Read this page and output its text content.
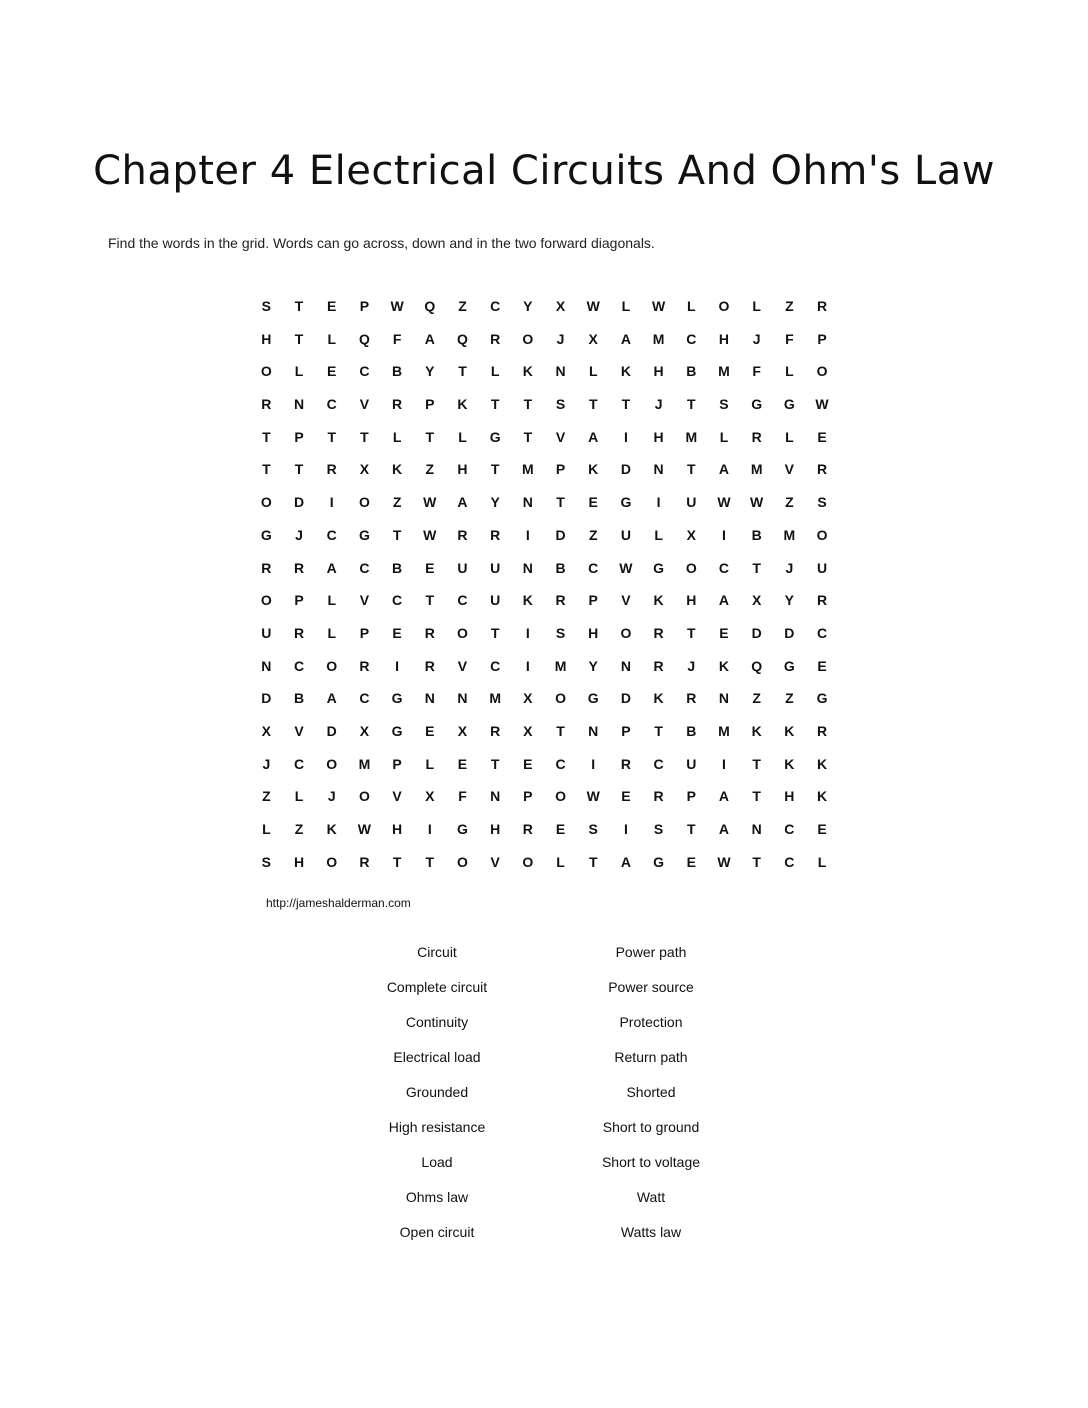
Chapter 4 Electrical Circuits And Ohm's Law
Find the words in the grid. Words can go across, down and in the two forward diagonals.
S	T	E	P	W	Q	Z	C	Y	X	W	L	W	L	O	L	Z	R
H	T	L	Q	F	A	Q	R	O	J	X	A	M	C	H	J	F	P
O	L	E	C	B	Y	T	L	K	N	L	K	H	B	M	F	L	O
R	N	C	V	R	P	K	T	T	S	T	T	J	T	S	G	G	W
T	P	T	T	L	T	L	G	T	V	A	I	H	M	L	R	L	E
T	T	R	X	K	Z	H	T	M	P	K	D	N	T	A	M	V	R
O	D	I	O	Z	W	A	Y	N	T	E	G	I	U	W	W	Z	S
G	J	C	G	T	W	R	R	I	D	Z	U	L	X	I	B	M	O
R	R	A	C	B	E	U	U	N	B	C	W	G	O	C	T	J	U
O	P	L	V	C	T	C	U	K	R	P	V	K	H	A	X	Y	R
U	R	L	P	E	R	O	T	I	S	H	O	R	T	E	D	D	C
N	C	O	R	I	R	V	C	I	M	Y	N	R	J	K	Q	G	E
D	B	A	C	G	N	N	M	X	O	G	D	K	R	N	Z	Z	G
X	V	D	X	G	E	X	R	X	T	N	P	T	B	M	K	K	R
J	C	O	M	P	L	E	T	E	C	I	R	C	U	I	T	K	K
Z	L	J	O	V	X	F	N	P	O	W	E	R	P	A	T	H	K
L	Z	K	W	H	I	G	H	R	E	S	I	S	T	A	N	C	E
S	H	O	R	T	T	O	V	O	L	T	A	G	E	W	T	C	L
http://jameshalderman.com
Circuit	Power path
Complete circuit	Power source
Continuity	Protection
Electrical load	Return path
Grounded	Shorted
High resistance	Short to ground
Load	Short to voltage
Ohms law	Watt
Open circuit	Watts law
